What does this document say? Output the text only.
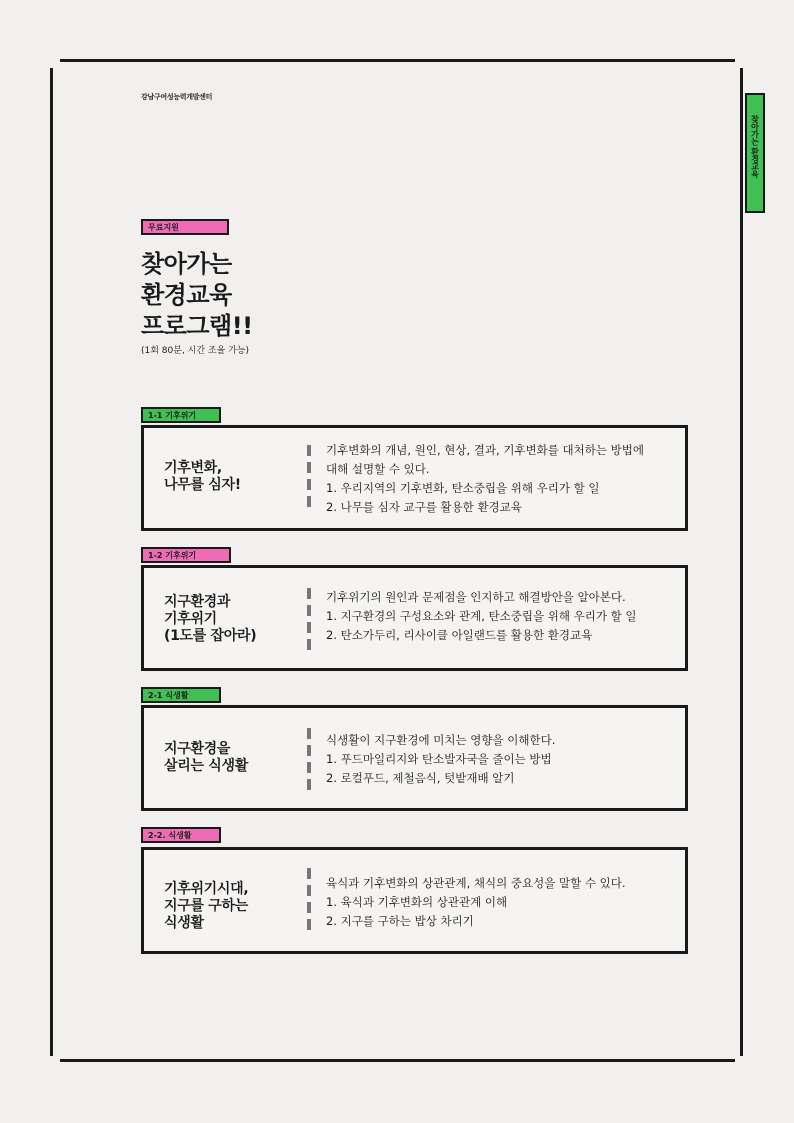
강남구여성능력개발센터
찾아가는 환경교육
무료지원
찾아가는
환경교육
프로그램!!
(1회 80분, 시간 조율 가능)
1-1 기후위기
기후변화,
나무를 심자!
기후변화의 개념, 원인, 현상, 결과, 기후변화를 대처하는 방법에
대해 설명할 수 있다.
1. 우리지역의 기후변화, 탄소중립을 위해 우리가 할 일
2. 나무를 심자 교구를 활용한 환경교육
1-2 기후위기
지구환경과
기후위기
(1도를 잡아라)
기후위기의 원인과 문제점을 인지하고 해결방안을 알아본다.
1. 지구환경의 구성요소와 관계, 탄소중립을 위해 우리가 할 일
2. 탄소가두리, 리사이클 아일랜드를 활용한 환경교육
2-1 식생활
지구환경을
살리는 식생활
식생활이 지구환경에 미치는 영향을 이해한다.
1. 푸드마일리지와 탄소발자국을 줄이는 방법
2. 로컬푸드, 제철음식, 텃밭재배 알기
2-2. 식생활
기후위기시대,
지구를 구하는
식생활
육식과 기후변화의 상관관계, 채식의 중요성을 말할 수 있다.
1. 육식과 기후변화의 상관관계 이해
2. 지구를 구하는 밥상 차리기
